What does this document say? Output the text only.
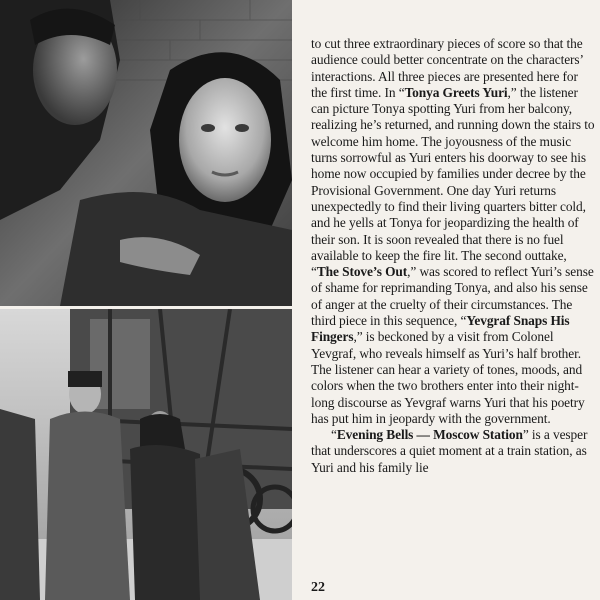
to cut three extraordinary pieces of score so that the audience could better concentrate on the characters’ interactions. All three pieces are presented here for the first time. In “Tonya Greets Yuri,” the listener can picture Tonya spotting Yuri from her balcony, realizing he’s returned, and running down the stairs to welcome him home. The joyousness of the music turns sorrowful as Yuri enters his doorway to see his home now occupied by families under decree by the Provisional Government. One day Yuri returns unexpectedly to find their living quarters bitter cold, and he yells at Tonya for jeopardizing the health of their son. It is soon revealed that there is no fuel available to keep the fire lit. The second outtake, “The Stove’s Out,” was scored to reflect Yuri’s sense of shame for reprimanding Tonya, and also his sense of anger at the cruelty of their circumstances. The third piece in this sequence, “Yevgraf Snaps His Fingers,” is beckoned by a visit from Colonel Yevgraf, who reveals himself as Yuri’s half brother. The listener can hear a variety of tones, moods, and colors when the two brothers enter into their night-long discourse as Yevgraf warns Yuri that his poetry has put him in jeopardy with the government.

“Evening Bells — Moscow Station” is a vesper that underscores a quiet moment at a train station, as Yuri and his family lie

22
